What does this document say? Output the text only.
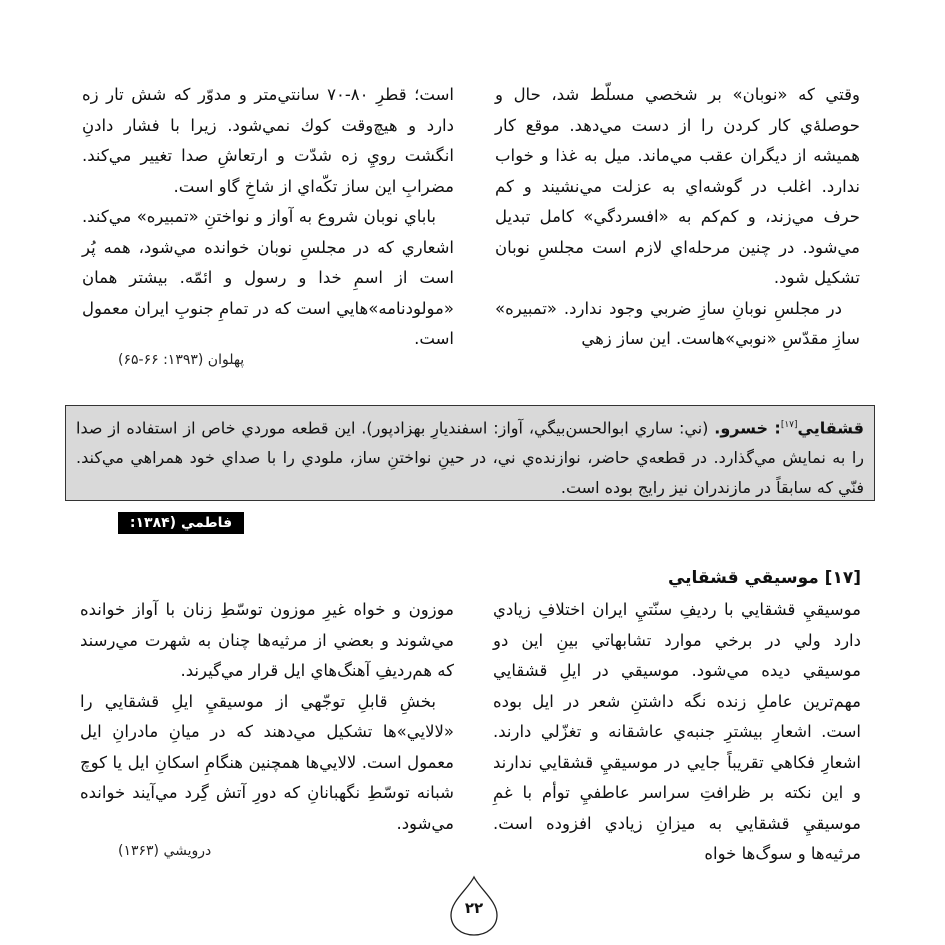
وقتي كه «نوبان» بر شخصي مسلّط شد، حال و حوصلهٔ‌ي كار كردن را از دست مي‌دهد. موقع كار هميشه از ديگران عقب مي‌ماند. ميل به غذا و خواب ندارد. اغلب در گوشه‌اي به عزلت مي‌نشيند و كم حرف مي‌زند، و كم‌كم به «افسردگي» كامل تبديل مي‌شود. در چنين مرحله‌اي لازم است مجلسِ نوبان تشكيل شود.

در مجلسِ نوبانِ سازِ ضربي وجود ندارد. «تمبيره» سازِ مقدّسِ «نوبي»هاست. اين ساز زهي

است؛ قطرِ ۸۰-۷۰ سانتي‌متر و مدوّر كه شش تار زه دارد و هيچ‌وقت كوك نمي‌شود. زيرا با فشار دادنِ انگشت رويِ زه شدّت و ارتعاشِ صدا تغيير مي‌كند. مضرابِ اين ساز تكّه‌اي از شاخِ گاو است.

باباي نوبان شروع به آواز و نواختنِ «تمبيره» مي‌كند. اشعاري كه در مجلسِ نوبان خوانده مي‌شود، همه پُر است از اسمِ خدا و رسول و ائمّه. بيشتر همان «مولودنامه»هايي است كه در تمامِ جنوبِ ايران معمول است.

پهلوان (۱۳۹۳: ۶۶-۶۵)
قشقايي[۱۷]: خسرو. (ني: ساري ابوالحسن‌بيگي، آواز: اسفنديارِ بهزادپور). اين قطعه موردي خاص از استفاده از صدا را به نمايش مي‌گذارد. در قطعه‌ي حاضر، نوازنده‌ي ني، در حينِ نواختنِ ساز، ملودي را با صداي خود همراهي مي‌كند. فنّي كه سابقاً در مازندران نيز رايج بوده است.
فاطمي (۱۳۸۴: ۲۰)
[۱۷] موسيقي قشقايي

موسيقيِ قشقايي با رديفِ سنّتيِ ايران اختلافِ زيادي دارد ولي در برخي موارد تشابهاتي بينِ اين دو موسيقي ديده مي‌شود. موسيقي در ايلِ قشقايي مهم‌ترين عاملِ زنده نگه داشتنِ شعر در ايل بوده است. اشعارِ بيشترِ جنبه‌ي عاشقانه و تغزّلي دارند. اشعارِ فكاهي تقريباً جايي در موسيقيِ قشقايي ندارند و اين نكته بر ظرافتِ سراسر عاطفيِ توأم با غمِ موسيقيِ قشقايي به ميزانِ زيادي افزوده است. مرثيه‌ها و سوگ‌ها خواه

موزون و خواه غيرِ موزون توسّطِ زنان با آواز خوانده مي‌شوند و بعضي از مرثيه‌ها چنان به شهرت مي‌رسند كه هم‌رديفِ آهنگ‌هاي ايل قرار مي‌گيرند.

بخشِ قابلِ توجّهي از موسيقيِ ايلِ قشقايي را «لالايي»ها تشكيل مي‌دهند كه در ميانِ مادرانِ ايل معمول است. لالايي‌ها همچنين هنگامِ اسكانِ ايل يا كوچ شبانه توسّطِ نگهبانانِ كه دورِ آتش گِرد مي‌آيند خوانده مي‌شود.

درويشي (۱۳۶۳)
۲۲
